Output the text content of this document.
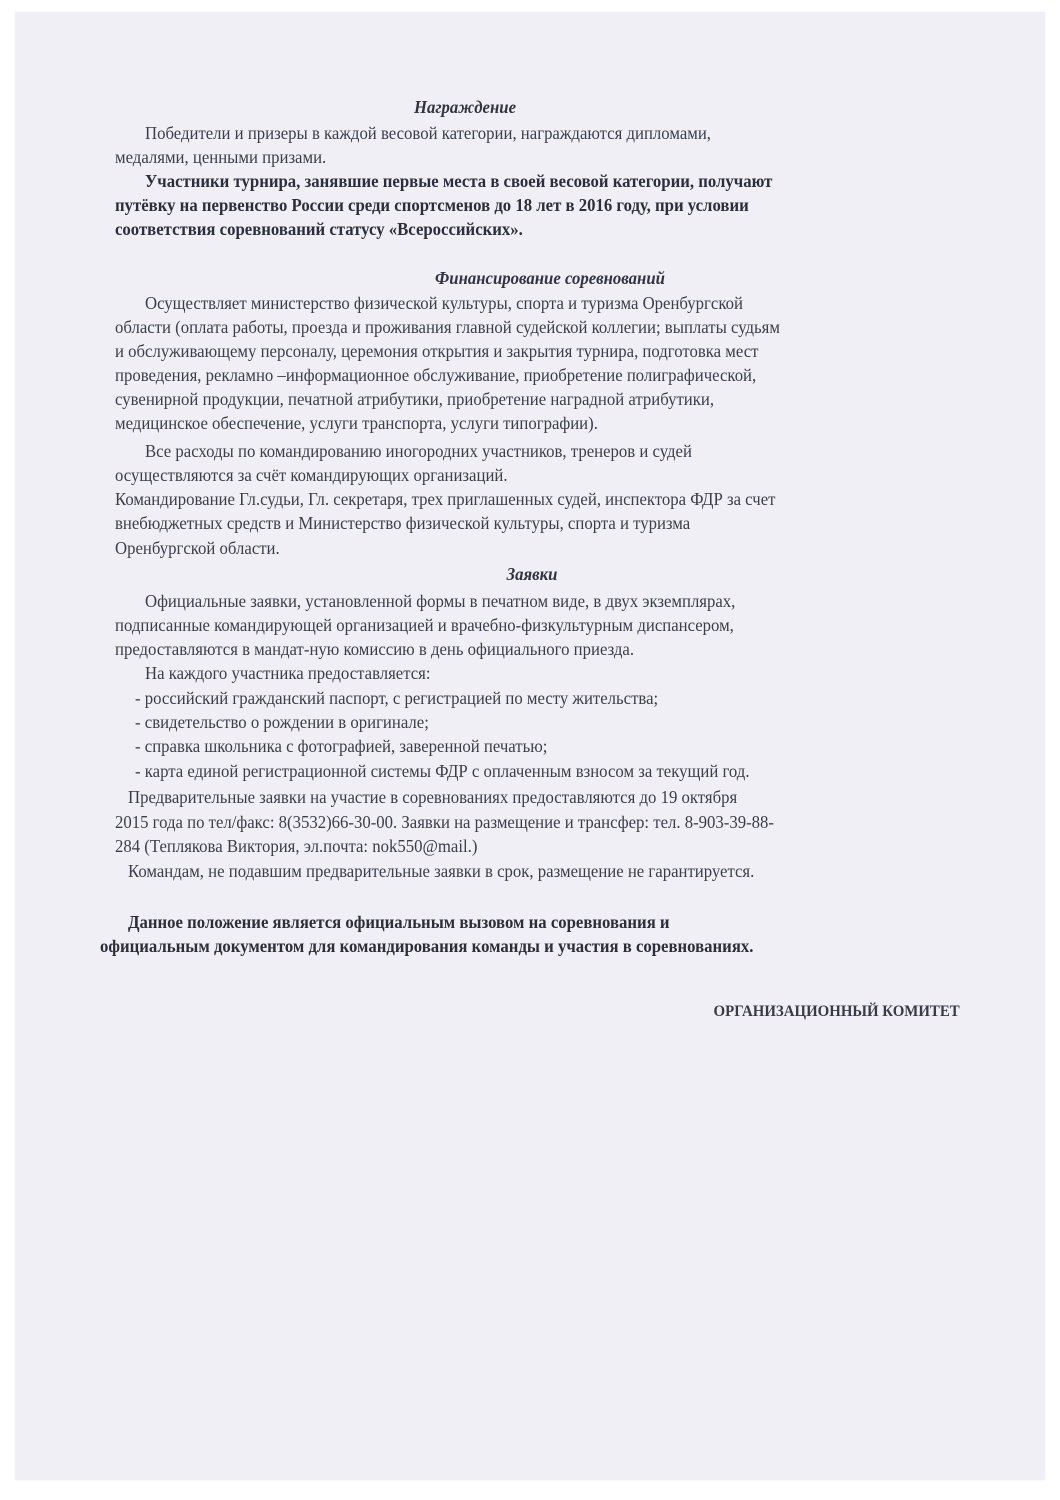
Награждение
Победители и призеры в каждой весовой категории, награждаются дипломами,
медалями, ценными призами.
Участники турнира, занявшие первые места в своей весовой категории, получают
путёвку на первенство России среди спортсменов до 18 лет в 2016 году, при условии
соответствия соревнований статусу «Всероссийских».
Финансирование соревнований
Осуществляет министерство физической культуры, спорта и туризма Оренбургской
области (оплата работы, проезда и проживания главной судейской коллегии; выплаты судьям
и обслуживающему персоналу, церемония открытия и закрытия турнира, подготовка мест
проведения, рекламно –информационное обслуживание, приобретение полиграфической,
сувенирной продукции, печатной атрибутики, приобретение наградной атрибутики,
медицинское обеспечение, услуги транспорта, услуги типографии).
Все расходы по командированию иногородних участников, тренеров и судей
осуществляются за счёт командирующих организаций.
Командирование Гл.судьи, Гл. секретаря, трех приглашенных судей, инспектора ФДР за счет
внебюджетных средств и Министерство физической культуры, спорта и туризма
Оренбургской области.
Заявки
Официальные заявки, установленной формы в печатном виде, в двух экземплярах,
подписанные командирующей организацией и врачебно-физкультурным диспансером,
предоставляются в мандат-ную комиссию в день официального приезда.
На каждого участника предоставляется:
- российский гражданский паспорт, с регистрацией по месту жительства;
- свидетельство о рождении в оригинале;
- справка школьника с фотографией, заверенной печатью;
- карта единой регистрационной системы ФДР с оплаченным взносом за текущий год.
Предварительные заявки на участие в соревнованиях предоставляются до 19 октября
2015 года по тел/факс: 8(3532)66-30-00. Заявки на размещение и трансфер: тел. 8-903-39-88-
284 (Теплякова Виктория, эл.почта: nok550@mail.)
Командам, не подавшим предварительные заявки в срок, размещение не гарантируется.
Данное положение является официальным вызовом на соревнования и
официальным документом для командирования команды и участия в соревнованиях.
ОРГАНИЗАЦИОННЫЙ КОМИТЕТ
